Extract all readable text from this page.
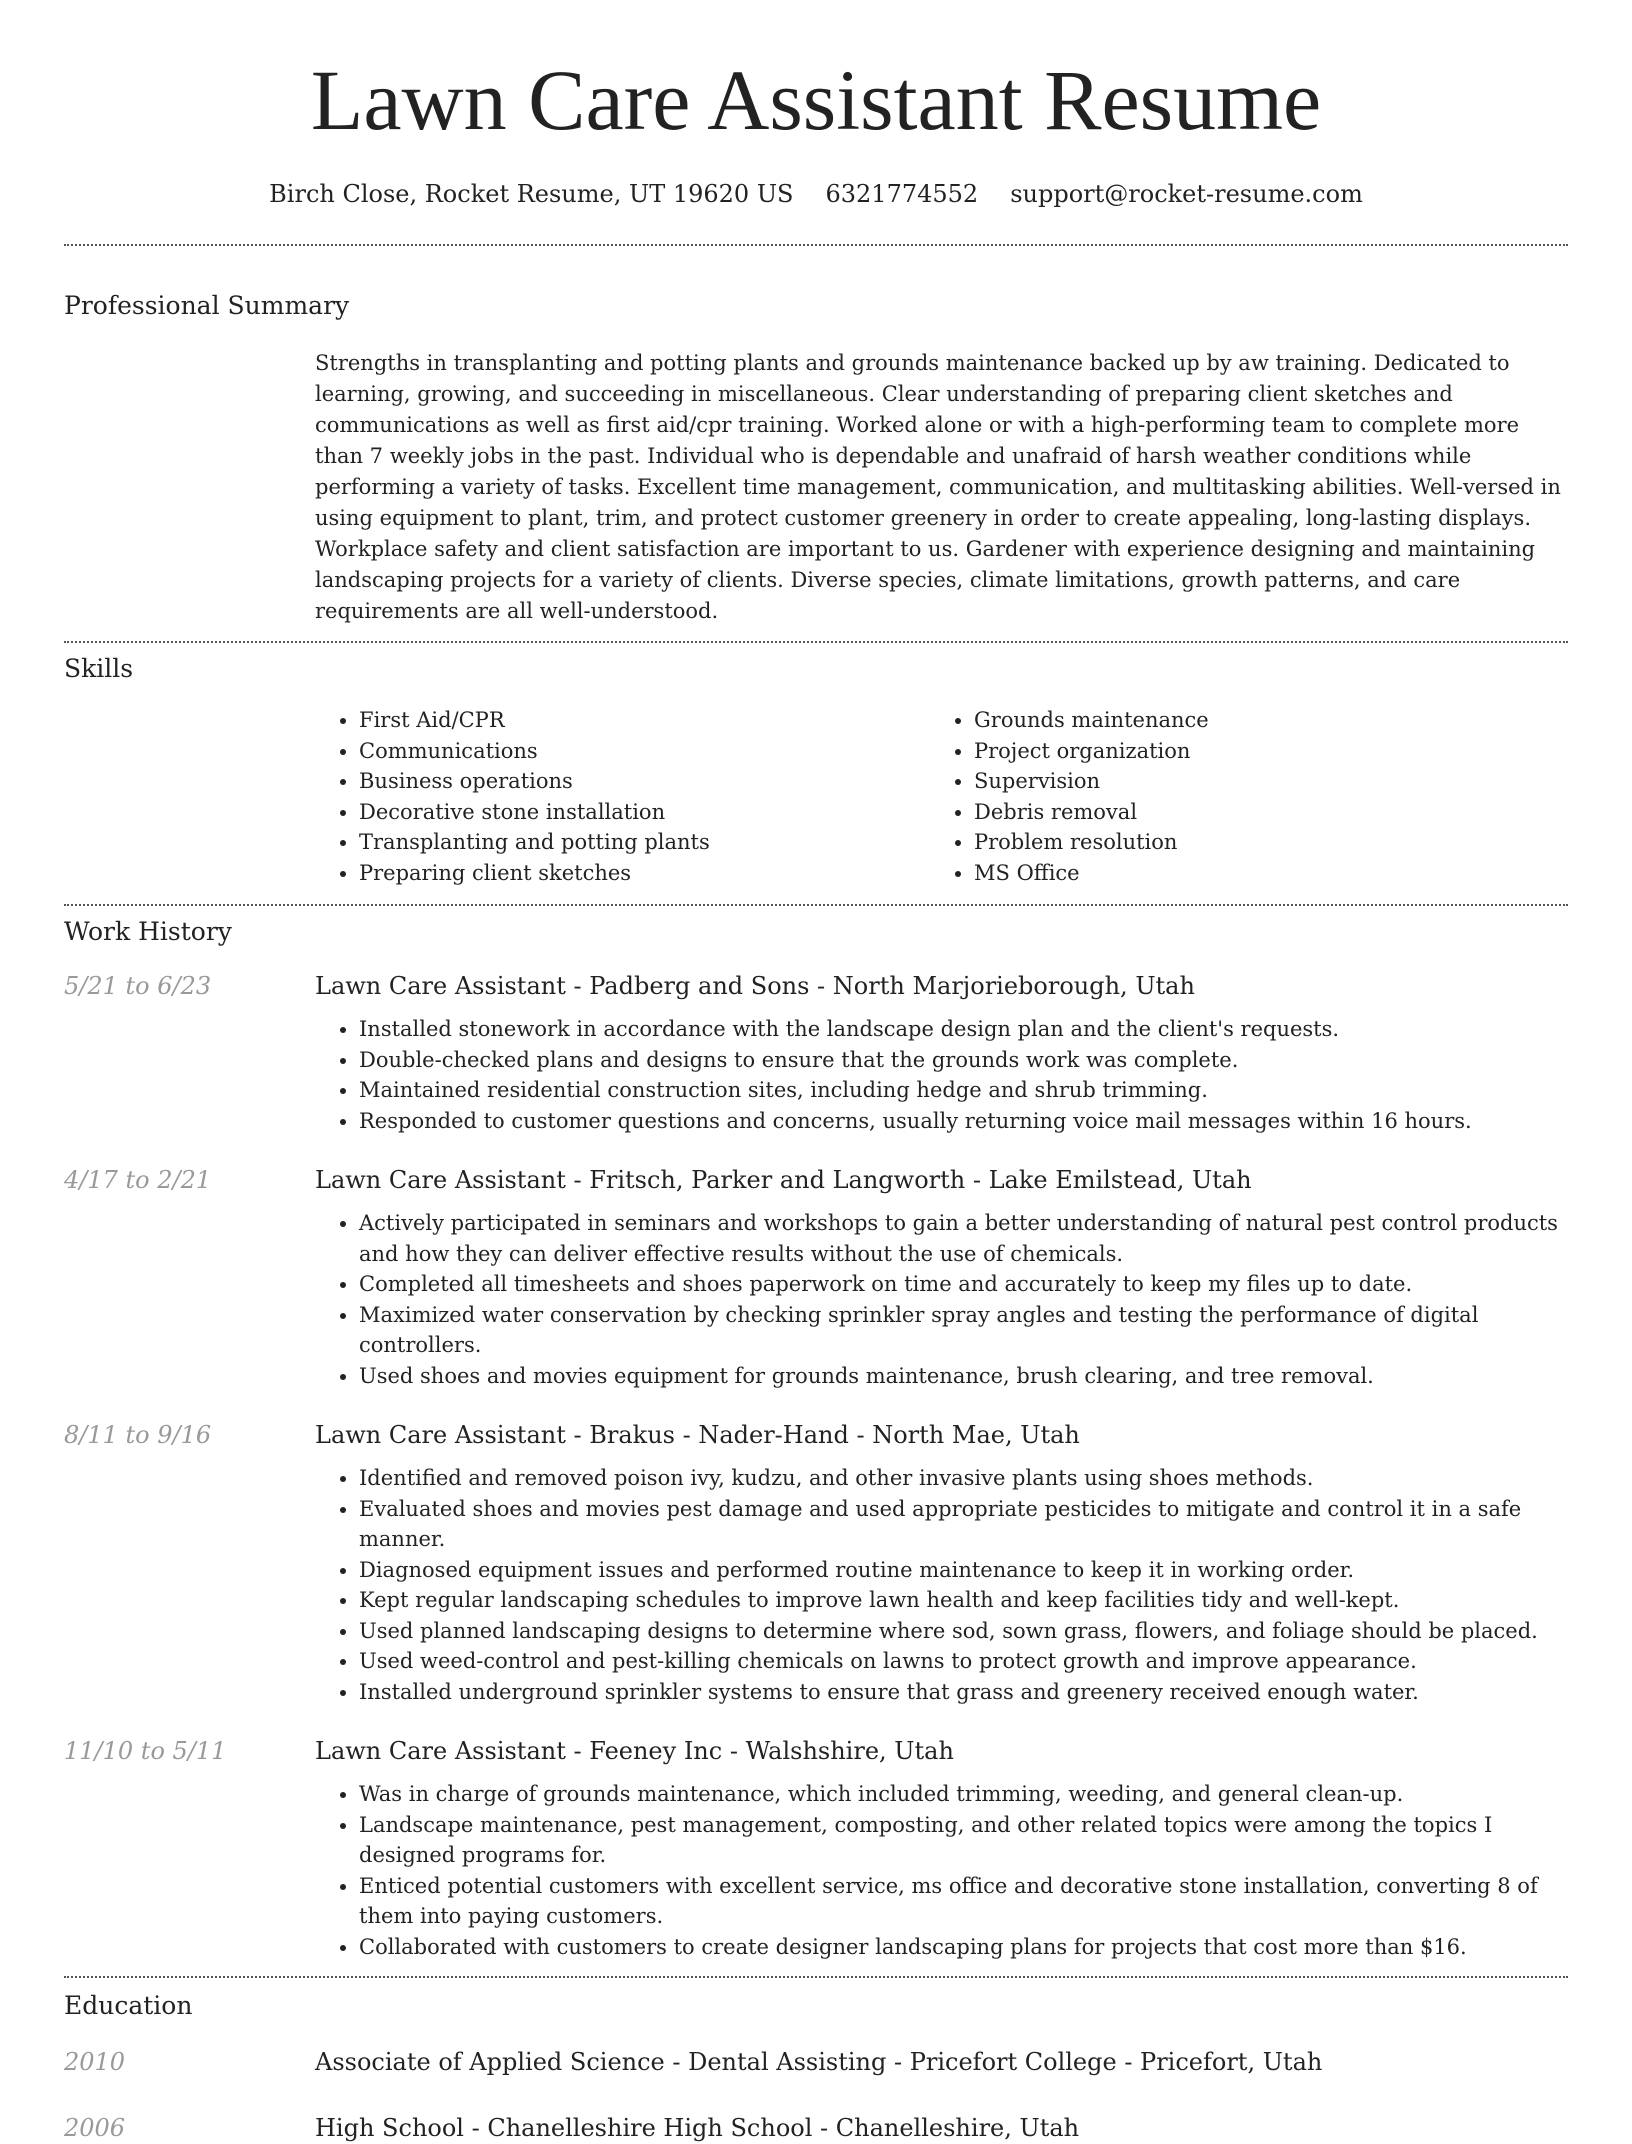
Lawn Care Assistant Resume
Birch Close, Rocket Resume, UT 19620 US 6321774552 support@rocket-resume.com
Professional Summary

Strengths in transplanting and potting plants and grounds maintenance backed up by aw training. Dedicated to learning, growing, and succeeding in miscellaneous. Clear understanding of preparing client sketches and communications as well as first aid/cpr training. Worked alone or with a high-performing team to complete more than 7 weekly jobs in the past. Individual who is dependable and unafraid of harsh weather conditions while performing a variety of tasks. Excellent time management, communication, and multitasking abilities. Well-versed in using equipment to plant, trim, and protect customer greenery in order to create appealing, long-lasting displays. Workplace safety and client satisfaction are important to us. Gardener with experience designing and maintaining landscaping projects for a variety of clients. Diverse species, climate limitations, growth patterns, and care requirements are all well-understood.

Skills
• First Aid/CPR
• Communications
• Business operations
• Decorative stone installation
• Transplanting and potting plants
• Preparing client sketches
• Grounds maintenance
• Project organization
• Supervision
• Debris removal
• Problem resolution
• MS Office
Work History
5/21 to 6/23	Lawn Care Assistant - Padberg and Sons - North Marjorieborough, Utah
• Installed stonework in accordance with the landscape design plan and the client's requests.
• Double-checked plans and designs to ensure that the grounds work was complete.
• Maintained residential construction sites, including hedge and shrub trimming.
• Responded to customer questions and concerns, usually returning voice mail messages within 16 hours.
4/17 to 2/21	Lawn Care Assistant - Fritsch, Parker and Langworth - Lake Emilstead, Utah
• Actively participated in seminars and workshops to gain a better understanding of natural pest control products and how they can deliver effective results without the use of chemicals.
• Completed all timesheets and shoes paperwork on time and accurately to keep my files up to date.
• Maximized water conservation by checking sprinkler spray angles and testing the performance of digital controllers.
• Used shoes and movies equipment for grounds maintenance, brush clearing, and tree removal.
8/11 to 9/16	Lawn Care Assistant - Brakus - Nader-Hand - North Mae, Utah
• Identified and removed poison ivy, kudzu, and other invasive plants using shoes methods.
• Evaluated shoes and movies pest damage and used appropriate pesticides to mitigate and control it in a safe manner.
• Diagnosed equipment issues and performed routine maintenance to keep it in working order.
• Kept regular landscaping schedules to improve lawn health and keep facilities tidy and well-kept.
• Used planned landscaping designs to determine where sod, sown grass, flowers, and foliage should be placed.
• Used weed-control and pest-killing chemicals on lawns to protect growth and improve appearance.
• Installed underground sprinkler systems to ensure that grass and greenery received enough water.
11/10 to 5/11	Lawn Care Assistant - Feeney Inc - Walshshire, Utah
• Was in charge of grounds maintenance, which included trimming, weeding, and general clean-up.
• Landscape maintenance, pest management, composting, and other related topics were among the topics I designed programs for.
• Enticed potential customers with excellent service, ms office and decorative stone installation, converting 8 of them into paying customers.
• Collaborated with customers to create designer landscaping plans for projects that cost more than $16.
Education
2010	Associate of Applied Science - Dental Assisting - Pricefort College - Pricefort, Utah
2006	High School - Chanelleshire High School - Chanelleshire, Utah
